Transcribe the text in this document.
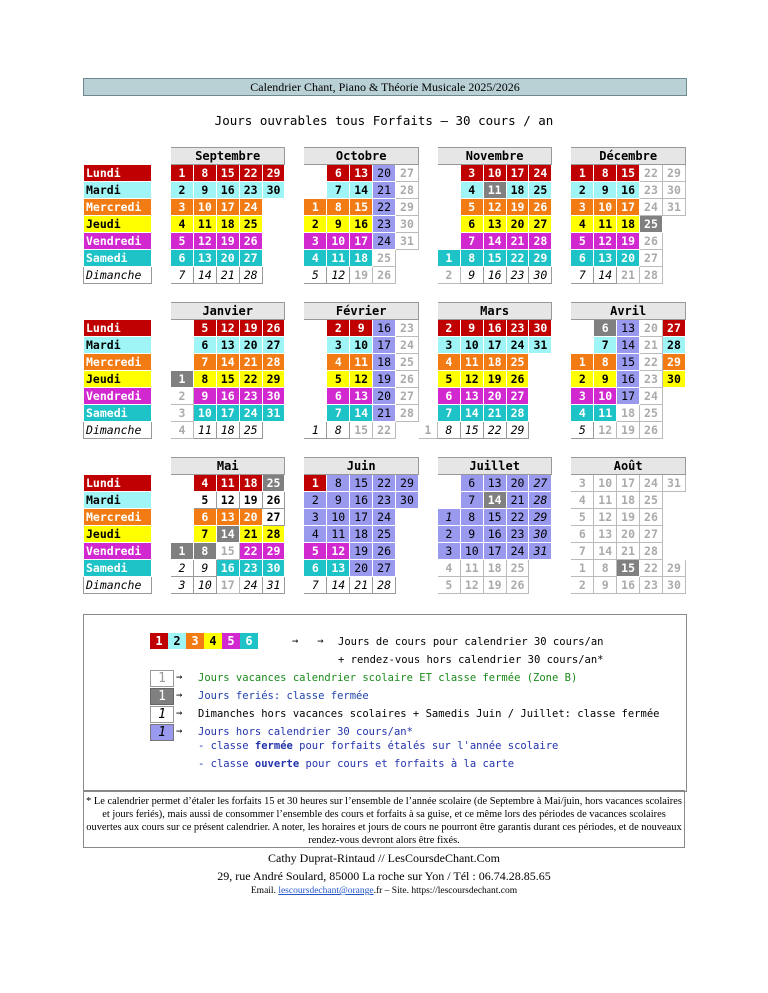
Calendrier Chant, Piano & Théorie Musicale 2025/2026
Jours ouvrables tous Forfaits – 30 cours / an
		Septembre						Octobre						Novembre						Décembre				
Lundi		1	8	15	22	29			6	13	20	27			3	10	17	24		1	8	15	22	29
Mardi		2	9	16	23	30			7	14	21	28			4	11	18	25		2	9	16	23	30
Mercredi		3	10	17	24			1	8	15	22	29			5	12	19	26		3	10	17	24	31
Jeudi		4	11	18	25			2	9	16	23	30			6	13	20	27		4	11	18	25	
Vendredi		5	12	19	26			3	10	17	24	31			7	14	21	28		5	12	19	26	
Samedi		6	13	20	27			4	11	18	25			1	8	15	22	29		6	13	20	27	
Dimanche		7	14	21	28			5	12	19	26			2	9	16	23	30		7	14	21	28	
		Janvier						Février						Mars						Avril				
Lundi			5	12	19	26			2	9	16	23		2	9	16	23	30			6	13	20	27
Mardi			6	13	20	27			3	10	17	24		3	10	17	24	31			7	14	21	28
Mercredi			7	14	21	28			4	11	18	25		4	11	18	25			1	8	15	22	29
Jeudi		1	8	15	22	29			5	12	19	26		5	12	19	26			2	9	16	23	30
Vendredi		2	9	16	23	30			6	13	20	27		6	13	20	27			3	10	17	24	
Samedi		3	10	17	24	31			7	14	21	28		7	14	21	28			4	11	18	25	
Dimanche		4	11	18	25			1	8	15	22		1	8	15	22	29			5	12	19	26	
		Mai						Juin						Juillet						Août				
Lundi			4	11	18	25		1	8	15	22	29			6	13	20	27		3	10	17	24	31
Mardi			5	12	19	26		2	9	16	23	30			7	14	21	28		4	11	18	25	
Mercredi			6	13	20	27		3	10	17	24			1	8	15	22	29		5	12	19	26	
Jeudi			7	14	21	28		4	11	18	25			2	9	16	23	30		6	13	20	27	
Vendredi		1	8	15	22	29		5	12	19	26			3	10	17	24	31		7	14	21	28	
Samedi		2	9	16	23	30		6	13	20	27			4	11	18	25			1	8	15	22	29
Dimanche		3	10	17	24	31		7	14	21	28			5	12	19	26			2	9	16	23	30
1 2 3 4 5 6	→ → Jours de cours pour calendrier 30 cours/an
+ rendez-vous hors calendrier 30 cours/an*
1 → Jours vacances calendrier scolaire ET classe fermée (Zone B)
1 → Jours feriés: classe fermée
1 → Dimanches hors vacances scolaires + Samedis Juin / Juillet: classe fermée
1 → Jours hors calendrier 30 cours/an*
- classe fermée pour forfaits étalés sur l'année scolaire
- classe ouverte pour cours et forfaits à la carte
* Le calendrier permet d’étaler les forfaits 15 et 30 heures sur l’ensemble de l’année scolaire (de Septembre à Mai/juin, hors vacances scolaires et jours feriés), mais aussi de consommer l’ensemble des cours et forfaits à sa guise, et ce même lors des périodes de vacances scolaires ouvertes aux cours sur ce présent calendrier. A noter, les horaires et jours de cours ne pourront être garantis durant ces périodes, et de nouveaux rendez-vous devront alors être fixés.
Cathy Duprat-Rintaud // LesCoursdeChant.Com
29, rue André Soulard, 85000 La roche sur Yon / Tél : 06.74.28.85.65
Email. lescoursdechant@orange.fr – Site. https://lescoursdechant.com
